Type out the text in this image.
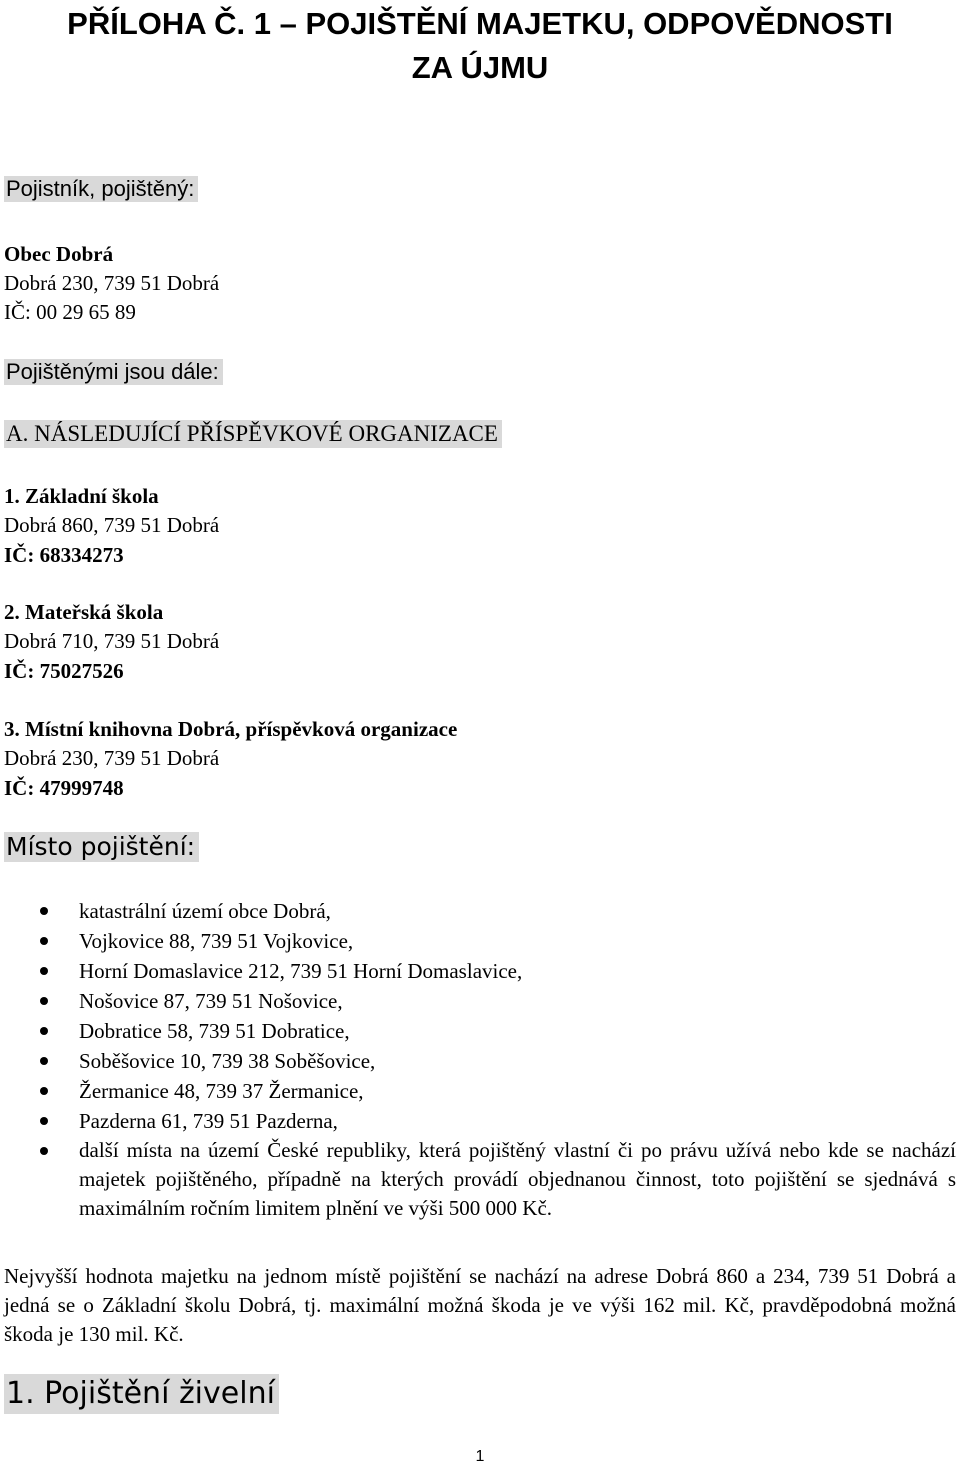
PŘÍLOHA Č. 1 – POJIŠTĚNÍ MAJETKU, ODPOVĚDNOSTI
ZA ÚJMU
Pojistník, pojištěný:
Obec Dobrá
Dobrá 230, 739 51 Dobrá
IČ: 00 29 65 89
Pojištěnými jsou dále:
A. NÁSLEDUJÍCÍ PŘÍSPĚVKOVÉ ORGANIZACE
1. Základní škola
Dobrá 860, 739 51 Dobrá
IČ: 68334273
2. Mateřská škola
Dobrá 710, 739 51 Dobrá
IČ: 75027526
3. Místní knihovna Dobrá, příspěvková organizace
Dobrá 230, 739 51 Dobrá
IČ: 47999748
Místo pojištění:
katastrální území obce Dobrá,
Vojkovice 88, 739 51 Vojkovice,
Horní Domaslavice 212, 739 51 Horní Domaslavice,
Nošovice 87, 739 51 Nošovice,
Dobratice 58, 739 51 Dobratice,
Soběšovice 10, 739 38 Soběšovice,
Žermanice 48, 739 37 Žermanice,
Pazderna 61, 739 51 Pazderna,
další místa na území České republiky, která pojištěný vlastní či po právu užívá nebo kde se nachází majetek pojištěného, případně na kterých provádí objednanou činnost, toto pojištění se sjednává s maximálním ročním limitem plnění ve výši 500 000 Kč.
Nejvyšší hodnota majetku na jednom místě pojištění se nachází na adrese Dobrá 860 a 234, 739 51 Dobrá a jedná se o Základní školu Dobrá, tj. maximální možná škoda je ve výši 162 mil. Kč, pravděpodobná možná škoda je 130 mil. Kč.
1. Pojištění živelní
1
